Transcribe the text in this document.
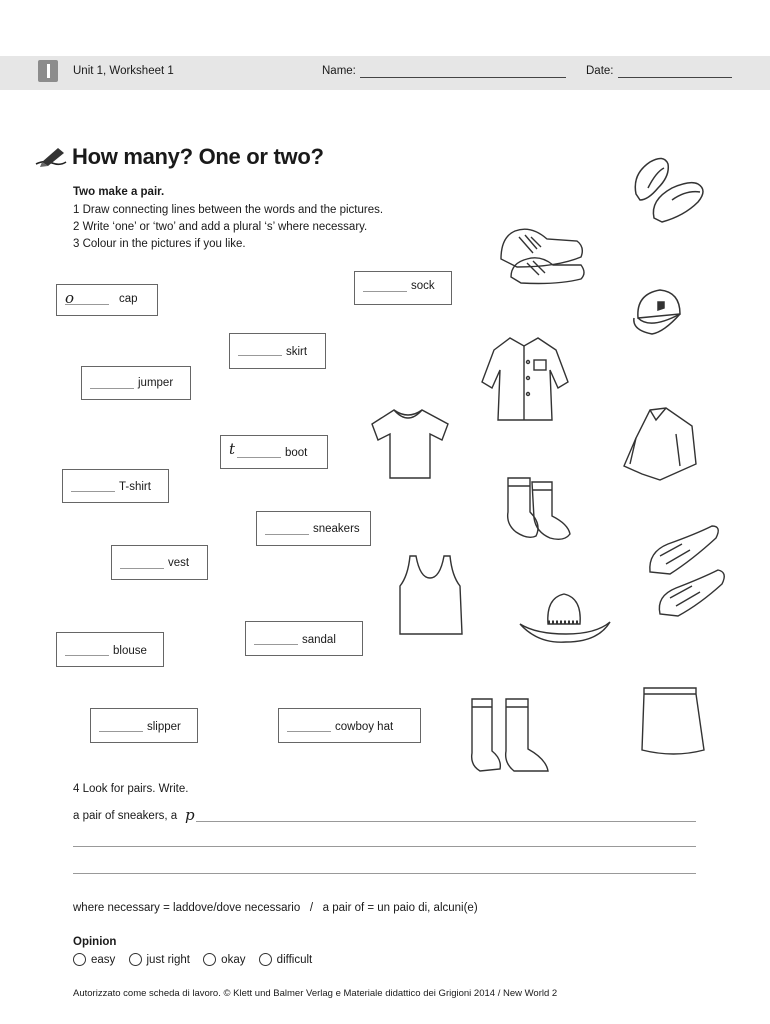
Unit 1, Worksheet 1	Name:	Date:
How many? One or two?
Two make a pair.
1 Draw connecting lines between the words and the pictures.
2 Write ‘one’ or ‘two’ and add a plural ‘s’ where necessary.
3 Colour in the pictures if you like.
o	cap
sock
skirt
jumper
t	boot
T-shirt
sneakers
vest
blouse
sandal
slipper	cowboy hat
4 Look for pairs. Write.
a pair of sneakers, a p
where necessary = laddove/dove necessario   /   a pair of = un paio di, alcuni(e)
Opinion
easy	just right	okay	difficult
Autorizzato come scheda di lavoro. © Klett und Balmer Verlag e Materiale didattico dei Grigioni 2014 / New World 2
